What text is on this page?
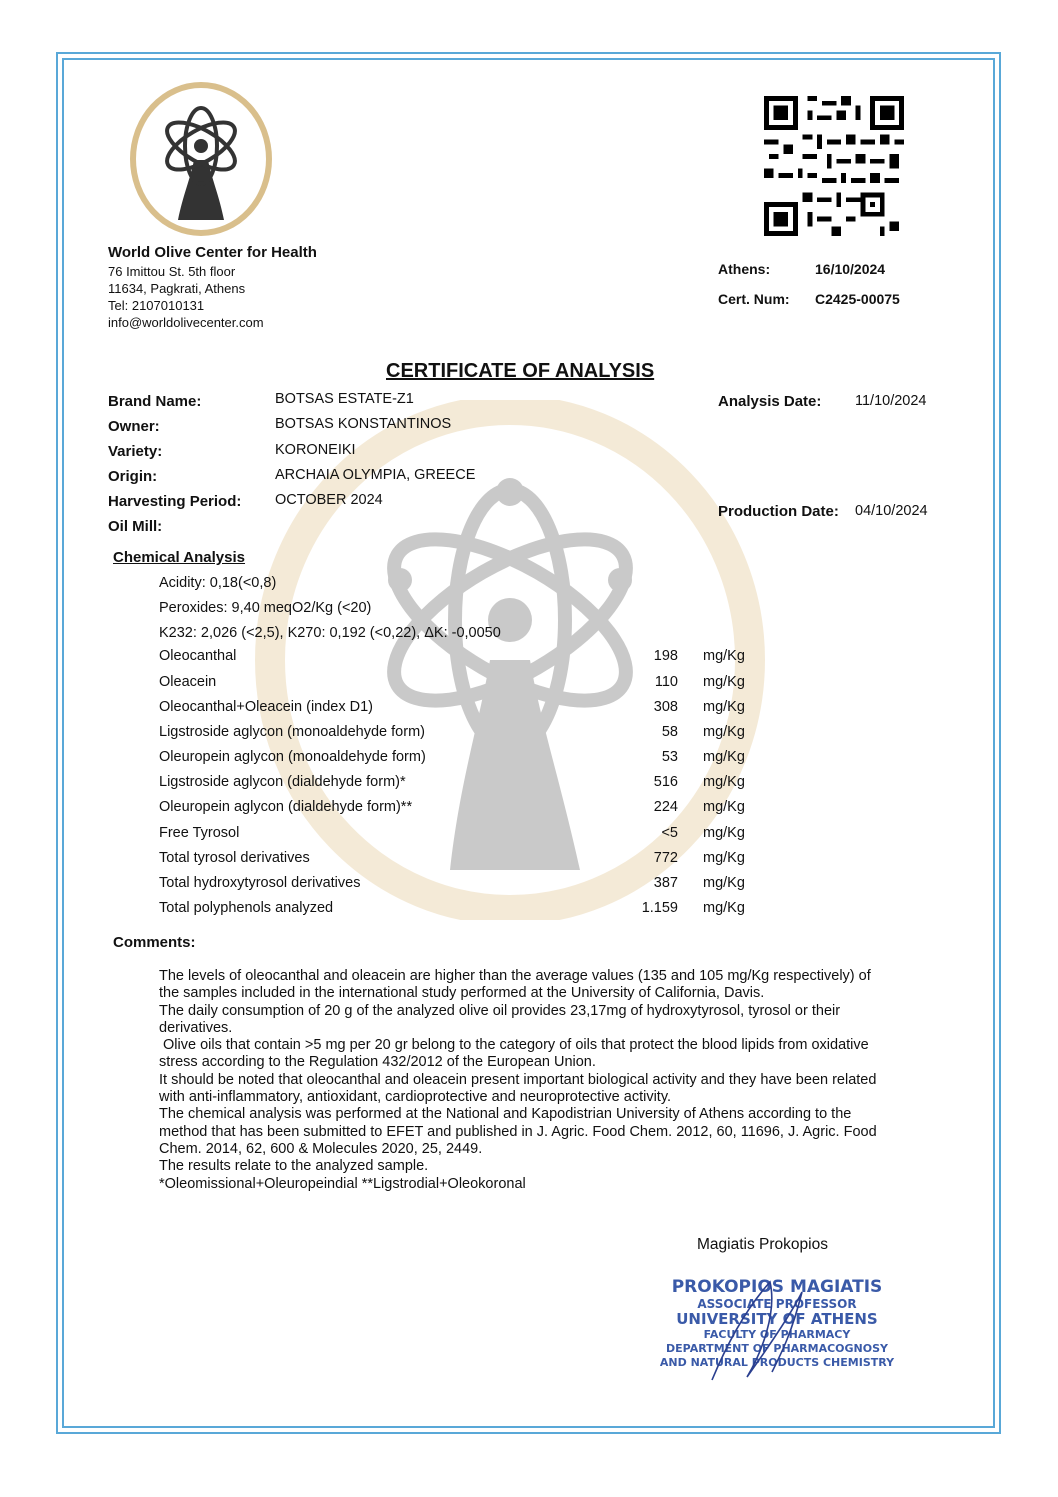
World Olive Center for Health
76 Imittou St. 5th floor
11634, Pagkrati, Athens
Tel: 2107010131
info@worldolivecenter.com
Athens:	16/10/2024
Cert. Num: C2425-00075
CERTIFICATE OF ANALYSIS
Brand Name:	BOTSAS ESTATE-Z1
Owner:	BOTSAS KONSTANTINOS
Variety:	KORONEIKI
Origin:	ARCHAIA OLYMPIA, GREECE
Harvesting Period: OCTOBER 2024
Oil Mill:
Analysis Date: 11/10/2024
Production Date: 04/10/2024
Chemical Analysis
Acidity: 0,18(<0,8)
Peroxides: 9,40 meqO2/Kg (<20)
K232: 2,026 (<2,5), K270: 0,192 (<0,22), ΔK: -0,0050
Oleocanthal	198 mg/Kg
Oleacein	110 mg/Kg
Oleocanthal+Oleacein (index D1)	308 mg/Kg
Ligstroside aglycon (monoaldehyde form)	58 mg/Kg
Oleuropein aglycon (monoaldehyde form)	53 mg/Kg
Ligstroside aglycon (dialdehyde form)*	516 mg/Kg
Oleuropein aglycon (dialdehyde form)**	224 mg/Kg
Free Tyrosol	<5 mg/Kg
Total tyrosol derivatives	772 mg/Kg
Total hydroxytyrosol derivatives	387 mg/Kg
Total polyphenols analyzed	1.159 mg/Kg
Comments:
The levels of oleocanthal and oleacein are higher than the average values (135 and 105 mg/Kg respectively) of
the samples included in the international study performed at the University of California, Davis.
The daily consumption of 20 g of the analyzed olive oil provides 23,17mg of hydroxytyrosol, tyrosol or their
derivatives.
Olive oils that contain >5 mg per 20 gr belong to the category of oils that protect the blood lipids from oxidative
stress according to the Regulation 432/2012 of the European Union.
It should be noted that oleocanthal and oleacein present important biological activity and they have been related
with anti-inflammatory, antioxidant, cardioprotective and neuroprotective activity.
The chemical analysis was performed at the National and Kapodistrian University of Athens according to the
method that has been submitted to EFET and published in J. Agric. Food Chem. 2012, 60, 11696, J. Agric. Food
Chem. 2014, 62, 600 & Molecules 2020, 25, 2449.
The results relate to the analyzed sample.
*Oleomissional+Oleuropeindial **Ligstrodial+Oleokoronal
Magiatis Prokopios
PROKOPIOS MAGIATIS
ASSOCIATE PROFESSOR
UNIVERSITY OF ATHENS
FACULTY OF PHARMACY
DEPARTMENT OF PHARMACOGNOSY
AND NATURAL PRODUCTS CHEMISTRY
